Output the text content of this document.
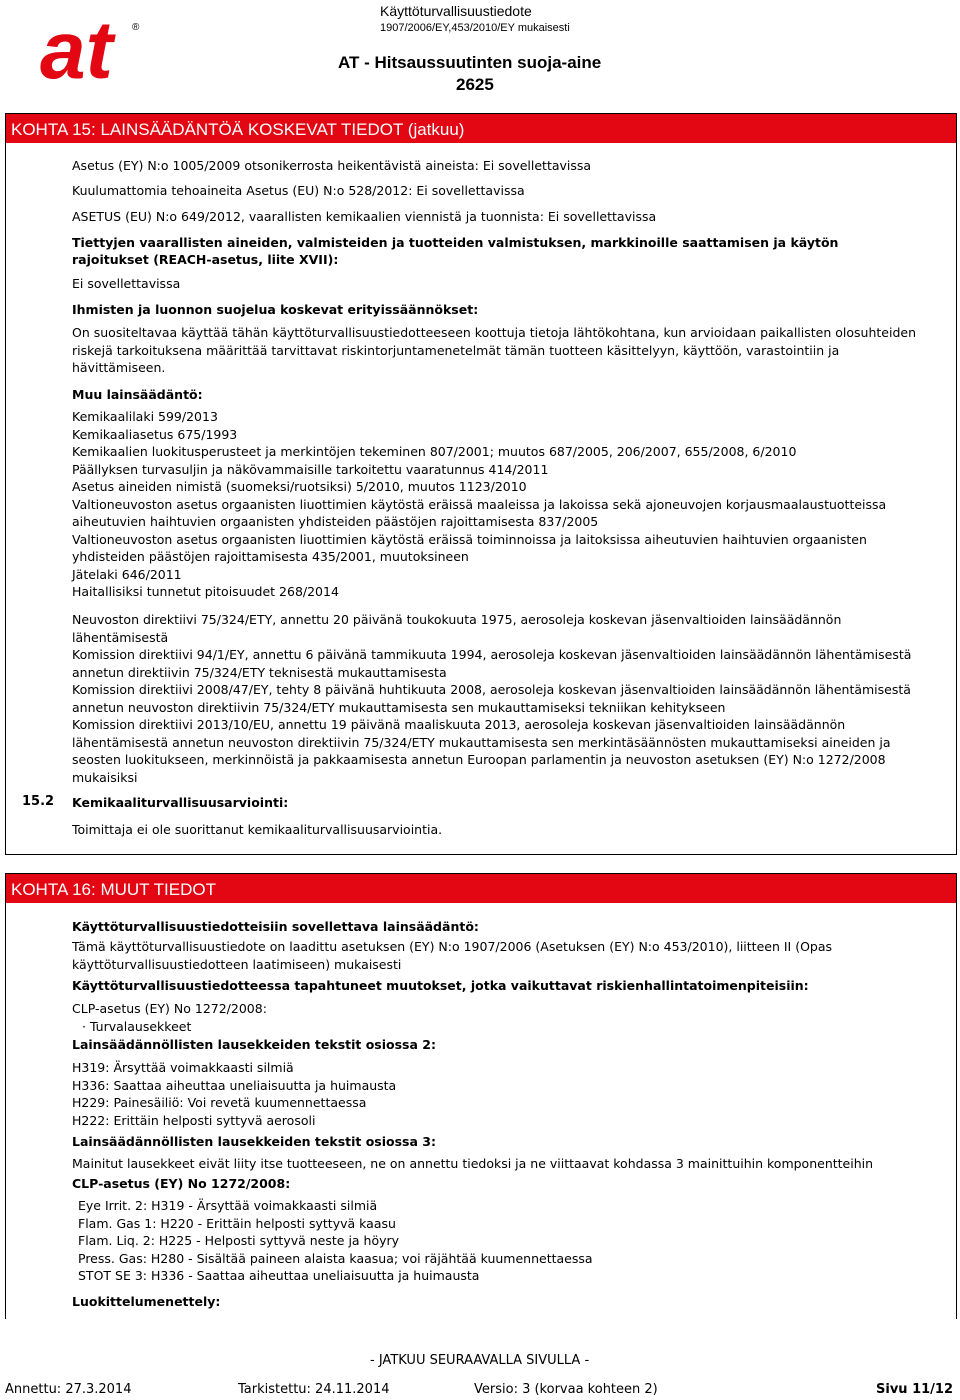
at	®
Käyttöturvallisuustiedote
1907/2006/EY,453/2010/EY mukaisesti
AT - Hitsaussuutinten suoja-aine
2625
KOHTA 15: LAINSÄÄDÄNTÖÄ KOSKEVAT TIEDOT (jatkuu)
Asetus (EY) N:o 1005/2009 otsonikerrosta heikentävistä aineista: Ei sovellettavissa
Kuulumattomia tehoaineita Asetus (EU) N:o 528/2012: Ei sovellettavissa
ASETUS (EU) N:o 649/2012, vaarallisten kemikaalien viennistä ja tuonnista: Ei sovellettavissa
Tiettyjen vaarallisten aineiden, valmisteiden ja tuotteiden valmistuksen, markkinoille saattamisen ja käytön
rajoitukset (REACH-asetus, liite XVII):
Ei sovellettavissa
Ihmisten ja luonnon suojelua koskevat erityissäännökset:
On suositeltavaa käyttää tähän käyttöturvallisuustiedotteeseen koottuja tietoja lähtökohtana, kun arvioidaan paikallisten olosuhteiden
riskejä tarkoituksena määrittää tarvittavat riskintorjuntamenetelmät tämän tuotteen käsittelyyn, käyttöön, varastointiin ja
hävittämiseen.
Muu lainsäädäntö:
Kemikaalilaki 599/2013
Kemikaaliasetus 675/1993
Kemikaalien luokitusperusteet ja merkintöjen tekeminen 807/2001; muutos 687/2005, 206/2007, 655/2008, 6/2010
Päällyksen turvasuljin ja näkövammaisille tarkoitettu vaaratunnus 414/2011
Asetus aineiden nimistä (suomeksi/ruotsiksi) 5/2010, muutos 1123/2010
Valtioneuvoston asetus orgaanisten liuottimien käytöstä eräissä maaleissa ja lakoissa sekä ajoneuvojen korjausmaalaustuotteissa
aiheutuvien haihtuvien orgaanisten yhdisteiden päästöjen rajoittamisesta 837/2005
Valtioneuvoston asetus orgaanisten liuottimien käytöstä eräissä toiminnoissa ja laitoksissa aiheutuvien haihtuvien orgaanisten
yhdisteiden päästöjen rajoittamisesta 435/2001, muutoksineen
Jätelaki 646/2011
Haitallisiksi tunnetut pitoisuudet 268/2014
Neuvoston direktiivi 75/324/ETY, annettu 20 päivänä toukokuuta 1975, aerosoleja koskevan jäsenvaltioiden lainsäädännön
lähentämisestä
Komission direktiivi 94/1/EY, annettu 6 päivänä tammikuuta 1994, aerosoleja koskevan jäsenvaltioiden lainsäädännön lähentämisestä
annetun direktiivin 75/324/ETY teknisestä mukauttamisesta
Komission direktiivi 2008/47/EY, tehty 8 päivänä huhtikuuta 2008, aerosoleja koskevan jäsenvaltioiden lainsäädännön lähentämisestä
annetun neuvoston direktiivin 75/324/ETY mukauttamisesta sen mukauttamiseksi tekniikan kehitykseen
Komission direktiivi 2013/10/EU, annettu 19 päivänä maaliskuuta 2013, aerosoleja koskevan jäsenvaltioiden lainsäädännön
lähentämisestä annetun neuvoston direktiivin 75/324/ETY mukauttamisesta sen merkintäsäännösten mukauttamiseksi aineiden ja
seosten luokitukseen, merkinnöistä ja pakkaamisesta annetun Euroopan parlamentin ja neuvoston asetuksen (EY) N:o 1272/2008
mukaisiksi
15.2 Kemikaaliturvallisuusarviointi:
Toimittaja ei ole suorittanut kemikaaliturvallisuusarviointia.
KOHTA 16: MUUT TIEDOT
Käyttöturvallisuustiedotteisiin sovellettava lainsäädäntö:
Tämä käyttöturvallisuustiedote on laadittu asetuksen (EY) N:o 1907/2006 (Asetuksen (EY) N:o 453/2010), liitteen II (Opas
käyttöturvallisuustiedotteen laatimiseen) mukaisesti
Käyttöturvallisuustiedotteessa tapahtuneet muutokset, jotka vaikuttavat riskienhallintatoimenpiteisiin:
CLP-asetus (EY) No 1272/2008:
· Turvalausekkeet
Lainsäädännöllisten lausekkeiden tekstit osiossa 2:
H319: Ärsyttää voimakkaasti silmiä
H336: Saattaa aiheuttaa uneliaisuutta ja huimausta
H229: Painesäiliö: Voi revetä kuumennettaessa
H222: Erittäin helposti syttyvä aerosoli
Lainsäädännöllisten lausekkeiden tekstit osiossa 3:
Mainitut lausekkeet eivät liity itse tuotteeseen, ne on annettu tiedoksi ja ne viittaavat kohdassa 3 mainittuihin komponentteihin
CLP-asetus (EY) No 1272/2008:
Eye Irrit. 2: H319 - Ärsyttää voimakkaasti silmiä
Flam. Gas 1: H220 - Erittäin helposti syttyvä kaasu
Flam. Liq. 2: H225 - Helposti syttyvä neste ja höyry
Press. Gas: H280 - Sisältää paineen alaista kaasua; voi räjähtää kuumennettaessa
STOT SE 3: H336 - Saattaa aiheuttaa uneliaisuutta ja huimausta
Luokittelumenettely:
- JATKUU SEURAAVALLA SIVULLA -
Annettu: 27.3.2014	Tarkistettu: 24.11.2014	Versio: 3 (korvaa kohteen 2)	Sivu 11/12
